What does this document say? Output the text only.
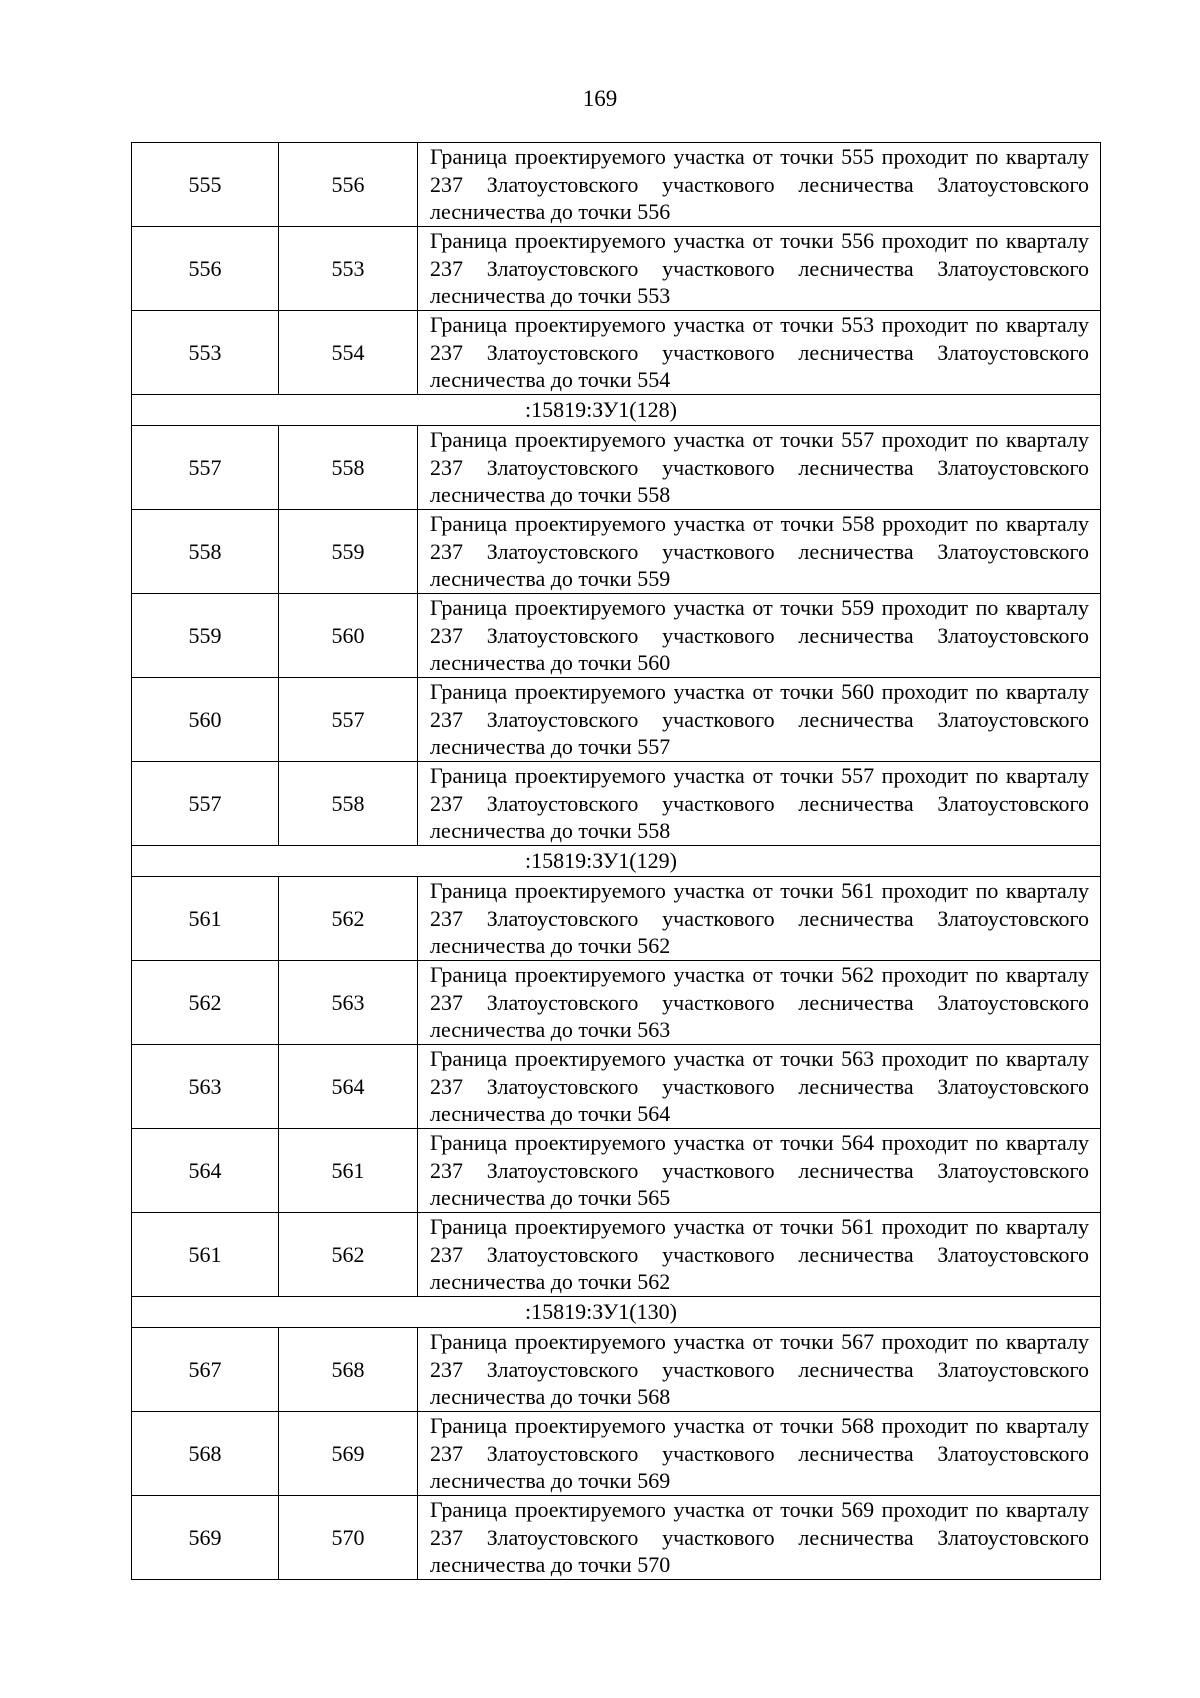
169
555	556	Граница проектируемого участка от точки 555 проходит по кварталу 237 Златоустовского участкового лесничества Златоустовского лесничества до точки 556

556	553	Граница проектируемого участка от точки 556 проходит по кварталу 237 Златоустовского участкового лесничества Златоустовского лесничества до точки 553

553	554	Граница проектируемого участка от точки 553 проходит по кварталу 237 Златоустовского участкового лесничества Златоустовского лесничества до точки 554

:15819:ЗУ1(128)		
557	558	Граница проектируемого участка от точки 557 проходит по кварталу 237 Златоустовского участкового лесничества Златоустовского лесничества до точки 558

558	559	Граница проектируемого участка от точки 558 рроходит по кварталу 237 Златоустовского участкового лесничества Златоустовского лесничества до точки 559

559	560	Граница проектируемого участка от точки 559 проходит по кварталу 237 Златоустовского участкового лесничества Златоустовского лесничества до точки 560

560	557	Граница проектируемого участка от точки 560 проходит по кварталу 237 Златоустовского участкового лесничества Златоустовского лесничества до точки 557

557	558	Граница проектируемого участка от точки 557 проходит по кварталу 237 Златоустовского участкового лесничества Златоустовского лесничества до точки 558

:15819:ЗУ1(129)		
561	562	Граница проектируемого участка от точки 561 проходит по кварталу 237 Златоустовского участкового лесничества Златоустовского лесничества до точки 562

562	563	Граница проектируемого участка от точки 562 проходит по кварталу 237 Златоустовского участкового лесничества Златоустовского лесничества до точки 563

563	564	Граница проектируемого участка от точки 563 проходит по кварталу 237 Златоустовского участкового лесничества Златоустовского лесничества до точки 564

564	561	Граница проектируемого участка от точки 564 проходит по кварталу 237 Златоустовского участкового лесничества Златоустовского лесничества до точки 565

561	562	Граница проектируемого участка от точки 561 проходит по кварталу 237 Златоустовского участкового лесничества Златоустовского лесничества до точки 562

:15819:ЗУ1(130)		
567	568	Граница проектируемого участка от точки 567 проходит по кварталу 237 Златоустовского участкового лесничества Златоустовского лесничества до точки 568

568	569	Граница проектируемого участка от точки 568 проходит по кварталу 237 Златоустовского участкового лесничества Златоустовского лесничества до точки 569

569	570	Граница проектируемого участка от точки 569 проходит по кварталу 237 Златоустовского участкового лесничества Златоустовского лесничества до точки 570
